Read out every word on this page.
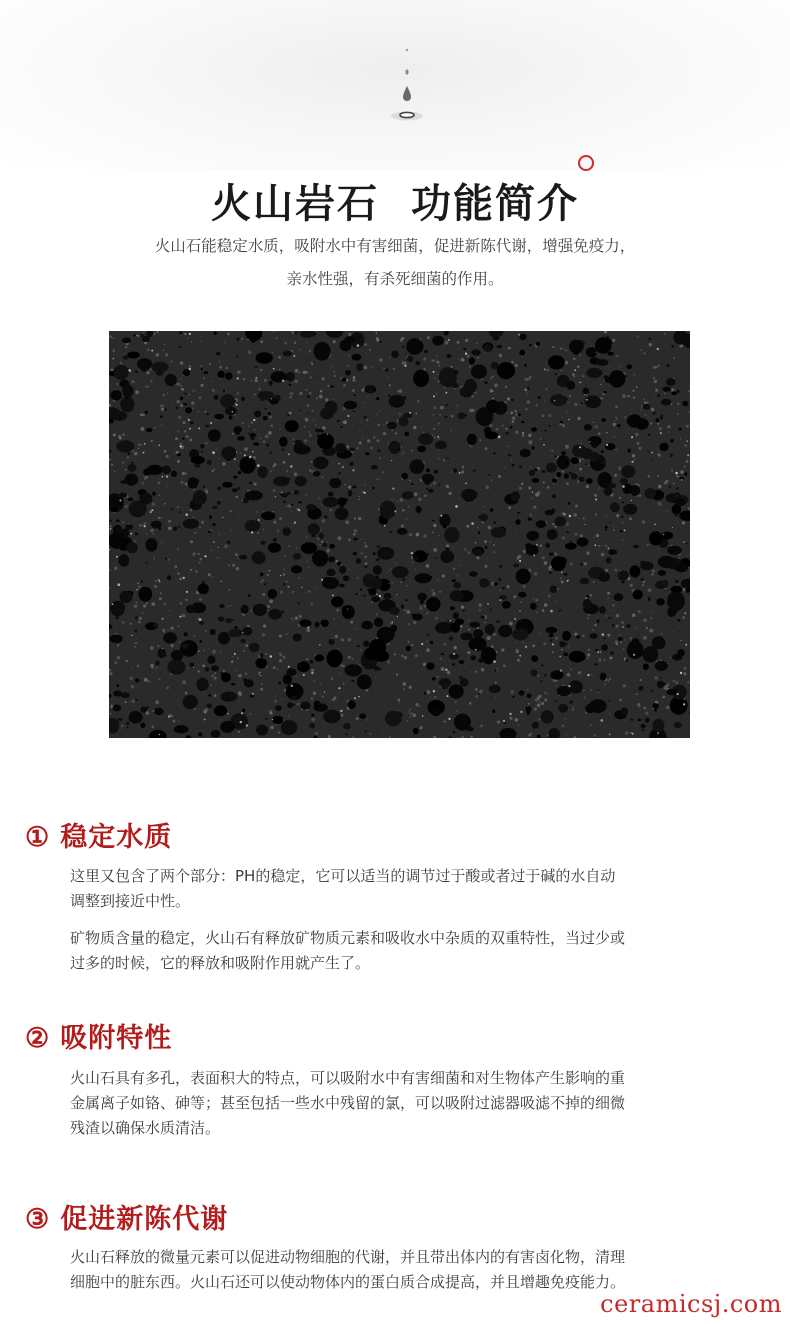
火山岩石 功能简介
火山石能稳定水质，吸附水中有害细菌，促进新陈代谢，增强免疫力，
亲水性强，有杀死细菌的作用。
① 稳定水质
这里又包含了两个部分：PH的稳定，它可以适当的调节过于酸或者过于碱的水自动
调整到接近中性。
矿物质含量的稳定，火山石有释放矿物质元素和吸收水中杂质的双重特性，当过少或
过多的时候，它的释放和吸附作用就产生了。
② 吸附特性
火山石具有多孔，表面积大的特点，可以吸附水中有害细菌和对生物体产生影响的重
金属离子如铬、砷等；甚至包括一些水中残留的氯，可以吸附过滤器吸滤不掉的细微
残渣以确保水质清洁。
③ 促进新陈代谢
火山石释放的微量元素可以促进动物细胞的代谢，并且带出体内的有害卤化物，清理
细胞中的脏东西。火山石还可以使动物体内的蛋白质合成提高，并且增趣免疫能力。
ceramicsj.com
